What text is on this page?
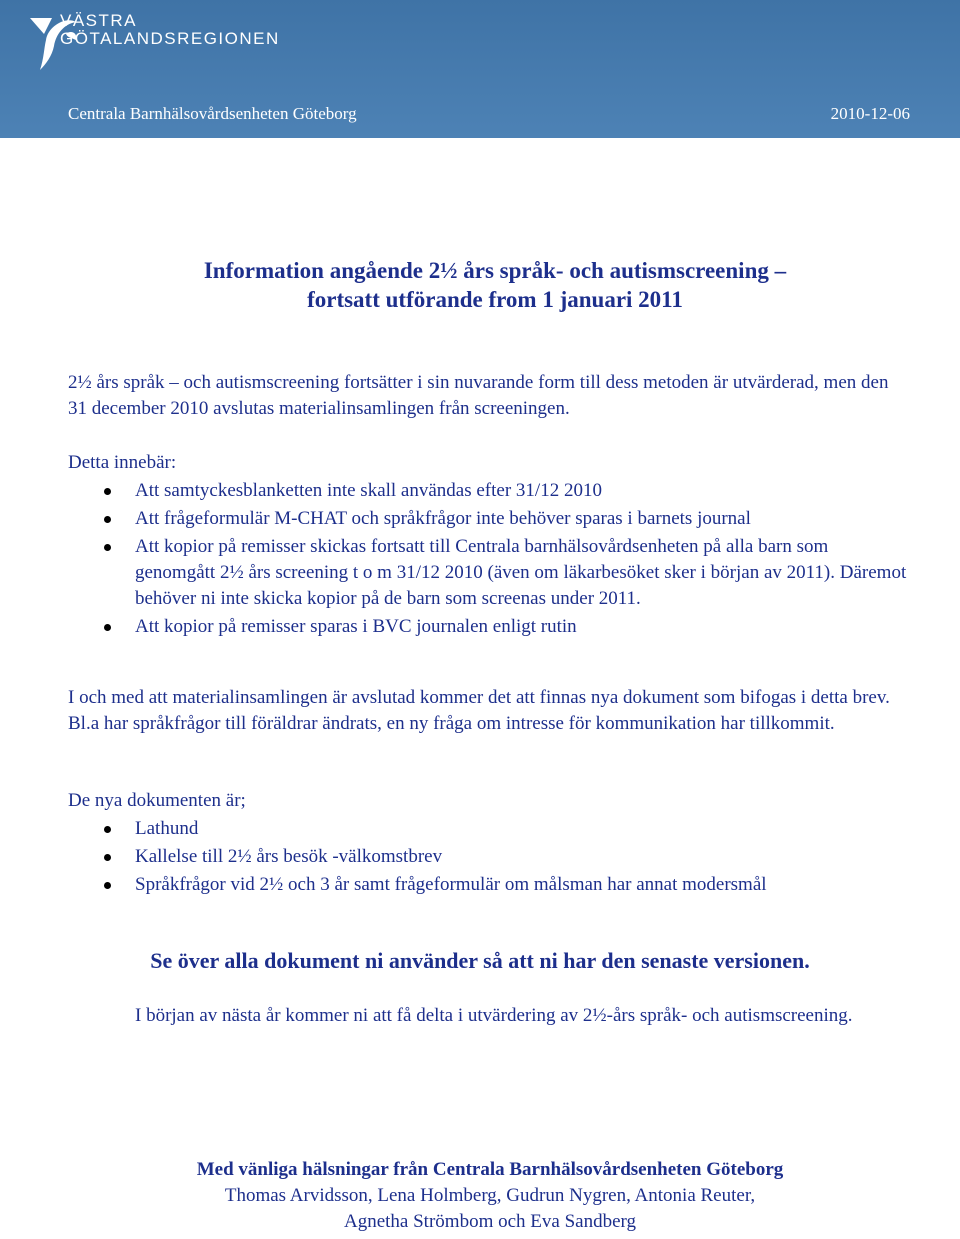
VÄSTRA
GÖTALANDSREGIONEN
Centrala Barnhälsovårdsenheten Göteborg	2010-12-06
Information angående 2½ års språk- och autismscreening –
fortsatt utförande from 1 januari 2011
2½ års språk – och autismscreening fortsätter i sin nuvarande form till dess metoden är utvärderad, men den 31 december 2010 avslutas materialinsamlingen från screeningen.
Detta innebär:
Att samtyckesblanketten inte skall användas efter 31/12 2010
Att frågeformulär M-CHAT och språkfrågor inte behöver sparas i barnets journal
Att kopior på remisser skickas fortsatt till Centrala barnhälsovårdsenheten på alla barn som genomgått 2½ års screening t o m 31/12 2010 (även om läkarbesöket sker i början av 2011). Däremot behöver ni inte skicka kopior på de barn som screenas under 2011.
Att kopior på remisser sparas i BVC journalen enligt rutin
I och med att materialinsamlingen är avslutad kommer det att finnas nya dokument som bifogas i detta brev. Bl.a har språkfrågor till föräldrar ändrats, en ny fråga om intresse för kommunikation har tillkommit.
De nya dokumenten är;
Lathund
Kallelse till 2½ års besök -välkomstbrev
Språkfrågor vid 2½ och 3 år samt frågeformulär om målsman har annat modersmål
Se över alla dokument ni använder så att ni har den senaste versionen.
I början av nästa år kommer ni att få delta i utvärdering av 2½-års språk- och autismscreening.
Med vänliga hälsningar från Centrala Barnhälsovårdsenheten Göteborg
Thomas Arvidsson, Lena Holmberg, Gudrun Nygren, Antonia Reuter,
Agnetha Strömbom och Eva Sandberg
